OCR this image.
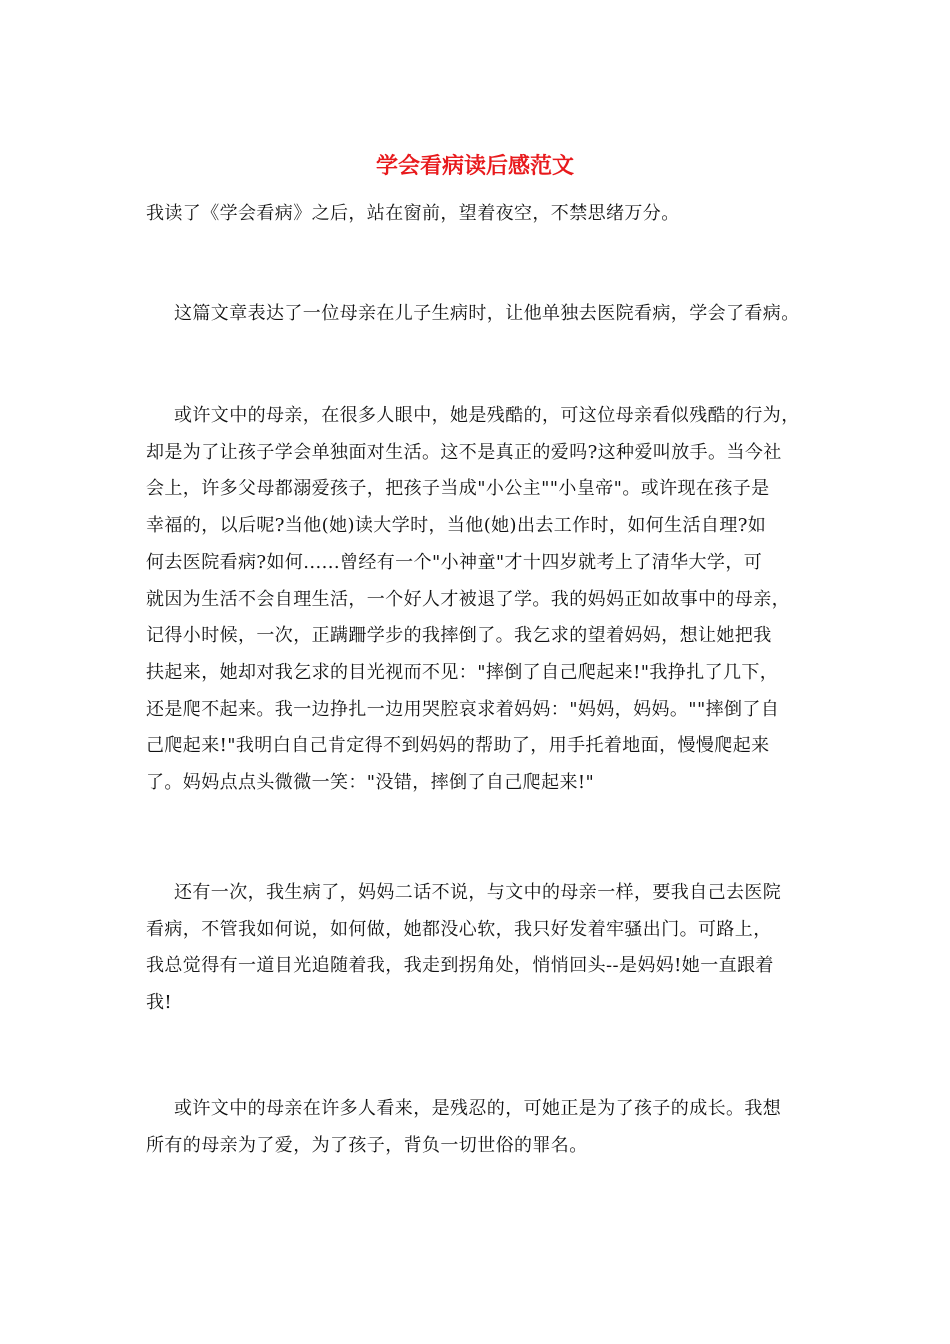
学会看病读后感范文

我读了《学会看病》之后，站在窗前，望着夜空，不禁思绪万分。

这篇文章表达了一位母亲在儿子生病时，让他单独去医院看病，学会了看病。

或许文中的母亲，在很多人眼中，她是残酷的，可这位母亲看似残酷的行为，
却是为了让孩子学会单独面对生活。这不是真正的爱吗?这种爱叫放手。当今社
会上，许多父母都溺爱孩子，把孩子当成"小公主""小皇帝"。或许现在孩子是
幸福的，以后呢?当他(她)读大学时，当他(她)出去工作时，如何生活自理?如
何去医院看病?如何......曾经有一个"小神童"才十四岁就考上了清华大学，可
就因为生活不会自理生活，一个好人才被退了学。我的妈妈正如故事中的母亲，
记得小时候，一次，正蹒跚学步的我摔倒了。我乞求的望着妈妈，想让她把我
扶起来，她却对我乞求的目光视而不见："摔倒了自己爬起来!"我挣扎了几下，
还是爬不起来。我一边挣扎一边用哭腔哀求着妈妈："妈妈，妈妈。""摔倒了自
己爬起来!"我明白自己肯定得不到妈妈的帮助了，用手托着地面，慢慢爬起来
了。妈妈点点头微微一笑："没错，摔倒了自己爬起来!"

还有一次，我生病了，妈妈二话不说，与文中的母亲一样，要我自己去医院
看病，不管我如何说，如何做，她都没心软，我只好发着牢骚出门。可路上，
我总觉得有一道目光追随着我，我走到拐角处，悄悄回头--是妈妈!她一直跟着
我!

或许文中的母亲在许多人看来，是残忍的，可她正是为了孩子的成长。我想
所有的母亲为了爱，为了孩子，背负一切世俗的罪名。
